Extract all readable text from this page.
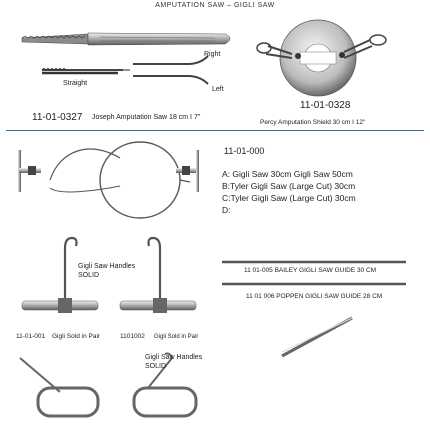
AMPUTATION SAW – GIGLI SAW
Right
Straight
Left
11-01-0327 Joseph Amputation Saw 18 cm I 7"
11-01-0328
Percy Amputation Shield 30 cm I 12"
11-01-000
A: Gigli Saw 30cm Gigli Saw 50cm
B:Tyler Gigli Saw (Large Cut) 30cm
C:Tyler Gigli Saw (Large Cut) 30cm
D:
Gigli Saw Handles
SOLID
11-01-001 Gigli Sold in Pair	1101002 Gigli Sold in Pair
11 01-005 BAILEY GIGLI SAW GUIDE 30 CM
11 01 006 POPPEN GIGLI SAW GUIDE 28 CM
Gigli Saw Handles
SOLID
